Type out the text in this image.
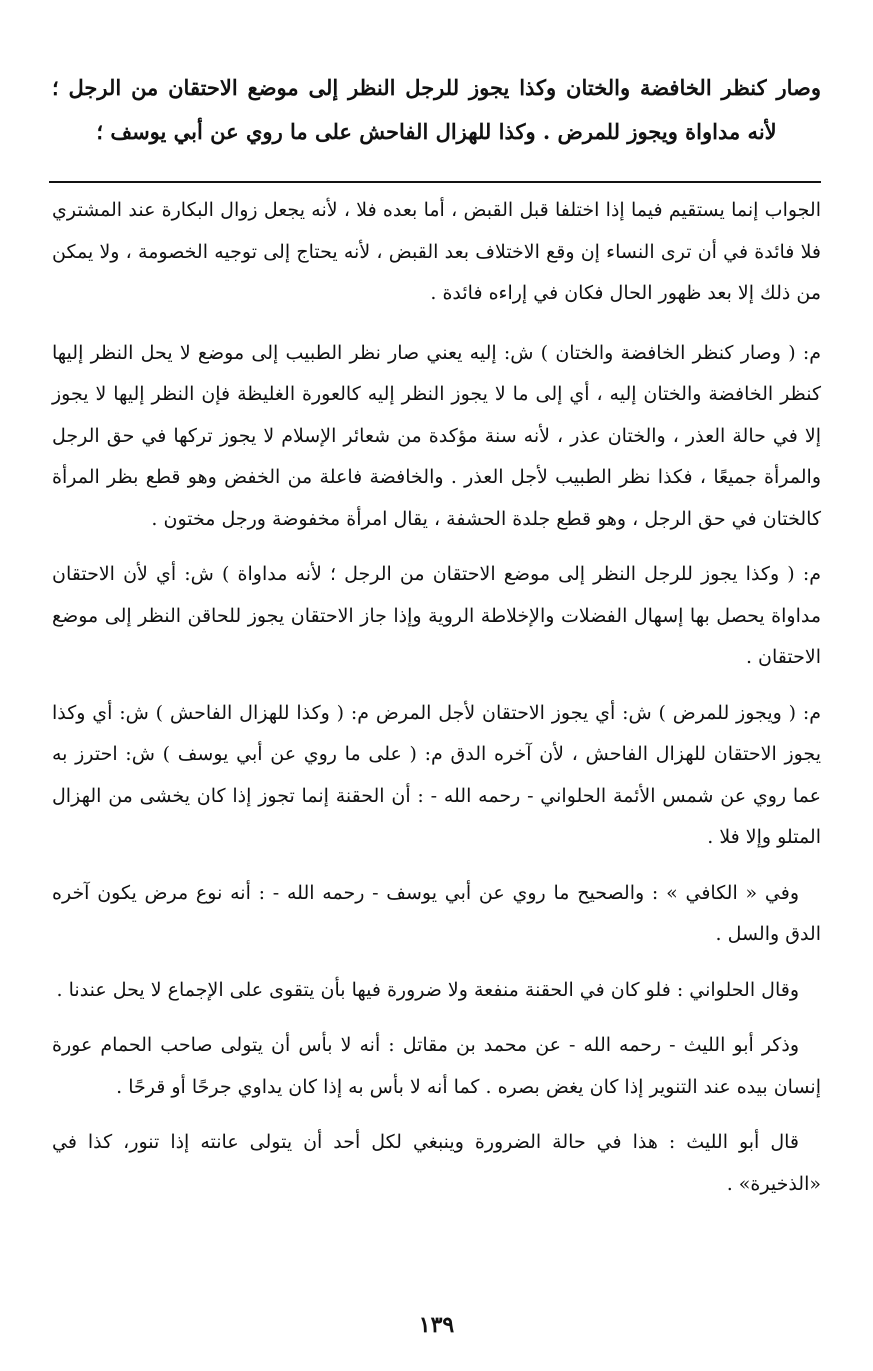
وصار كنظر الخافضة والختان وكذا يجوز للرجل النظر إلى موضع الاحتقان من الرجل ؛ لأنه مداواة ويجوز للمرض . وكذا للهزال الفاحش على ما روي عن أبي يوسف ؛

الجواب إنما يستقيم فيما إذا اختلفا قبل القبض ، أما بعده فلا ، لأنه يجعل زوال البكارة عند المشتري فلا فائدة في أن ترى النساء إن وقع الاختلاف بعد القبض ، لأنه يحتاج إلى توجيه الخصومة ، ولا يمكن من ذلك إلا بعد ظهور الحال فكان في إراءه فائدة .

م: ( وصار كنظر الخافضة والختان ) ش: إليه يعني صار نظر الطبيب إلى موضع لا يحل النظر إليها كنظر الخافضة والختان إليه ، أي إلى ما لا يجوز النظر إليه كالعورة الغليظة فإن النظر إليها لا يجوز إلا في حالة العذر ، والختان عذر ، لأنه سنة مؤكدة من شعائر الإسلام لا يجوز تركها في حق الرجل والمرأة جميعًا ، فكذا نظر الطبيب لأجل العذر . والخافضة فاعلة من الخفض وهو قطع بظر المرأة كالختان في حق الرجل ، وهو قطع جلدة الحشفة ، يقال امرأة مخفوضة ورجل مختون .

م: ( وكذا يجوز للرجل النظر إلى موضع الاحتقان من الرجل ؛ لأنه مداواة ) ش: أي لأن الاحتقان مداواة يحصل بها إسهال الفضلات والإخلاطة الروية وإذا جاز الاحتقان يجوز للحاقن النظر إلى موضع الاحتقان .

م: ( ويجوز للمرض ) ش: أي يجوز الاحتقان لأجل المرض م: ( وكذا للهزال الفاحش ) ش: أي وكذا يجوز الاحتقان للهزال الفاحش ، لأن آخره الدق م: ( على ما روي عن أبي يوسف ) ش: احترز به عما روي عن شمس الأئمة الحلواني - رحمه الله - : أن الحقنة إنما تجوز إذا كان يخشى من الهزال المتلو وإلا فلا .

وفي « الكافي » : والصحيح ما روي عن أبي يوسف - رحمه الله - : أنه نوع مرض يكون آخره الدق والسل .

وقال الحلواني : فلو كان في الحقنة منفعة ولا ضرورة فيها بأن يتقوى على الإجماع لا يحل عندنا .

وذكر أبو الليث - رحمه الله - عن محمد بن مقاتل : أنه لا بأس أن يتولى صاحب الحمام عورة إنسان بيده عند التنوير إذا كان يغض بصره . كما أنه لا بأس به إذا كان يداوي جرحًا أو قرحًا .

قال أبو الليث : هذا في حالة الضرورة وينبغي لكل أحد أن يتولى عانته إذا تنور، كذا في «الذخيرة» .

١٣٩
